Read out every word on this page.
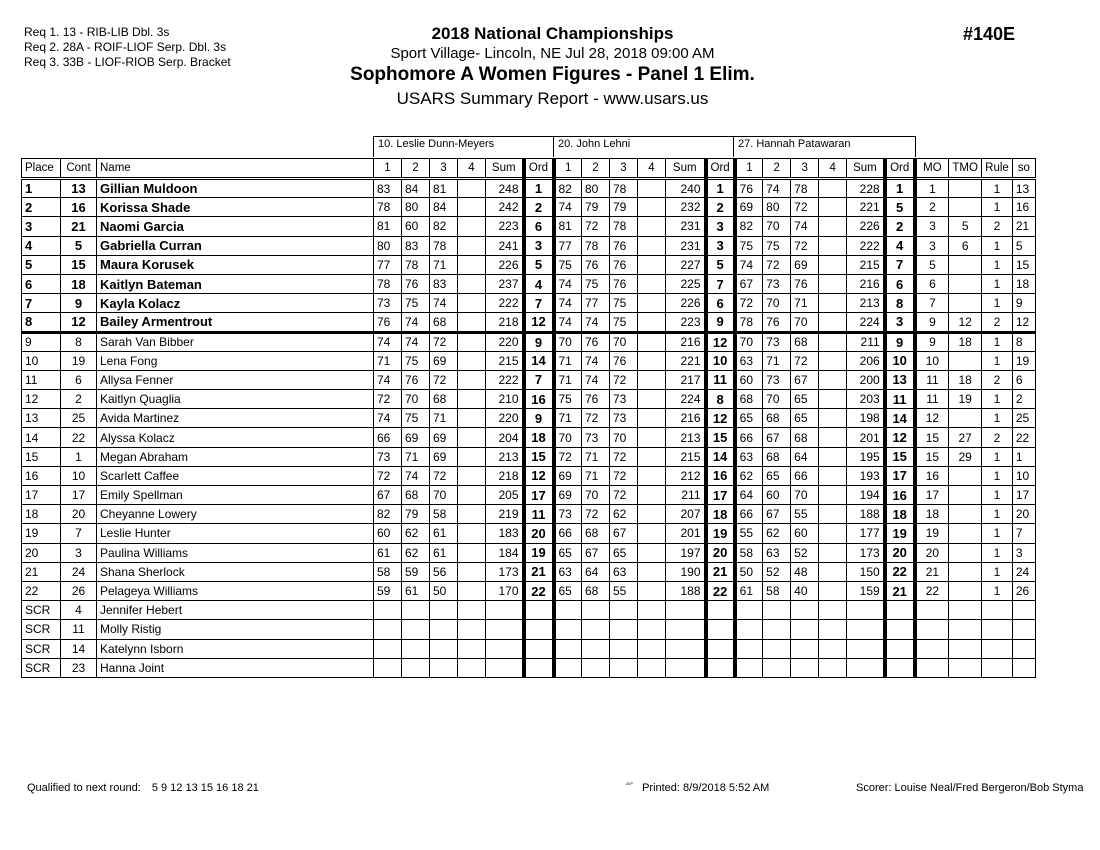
Req 1. 13 - RIB-LIB Dbl. 3s
Req 2. 28A - ROIF-LIOF Serp. Dbl. 3s
Req 3. 33B - LIOF-RIOB Serp. Bracket
2018 National Championships
Sport Village- Lincoln, NE Jul 28, 2018 09:00 AM
Sophomore A Women Figures - Panel 1 Elim.
USARS Summary Report - www.usars.us
#140E
10. Leslie Dunn-Meyers	20. John Lehni	27. Hannah Patawaran
Place	Cont	Name	1	2	3	4	Sum	Ord	1	2	3	4	Sum	Ord	1	2	3	4	Sum	Ord	MO	TMO	Rule	so
1	13	Gillian Muldoon	83	84	81		248	1	82	80	78		240	1	76	74	78		228	1	1		1	13
2	16	Korissa Shade	78	80	84		242	2	74	79	79		232	2	69	80	72		221	5	2		1	16
3	21	Naomi Garcia	81	60	82		223	6	81	72	78		231	3	82	70	74		226	2	3	5	2	21
4	5	Gabriella Curran	80	83	78		241	3	77	78	76		231	3	75	75	72		222	4	3	6	1	5
5	15	Maura Korusek	77	78	71		226	5	75	76	76		227	5	74	72	69		215	7	5		1	15
6	18	Kaitlyn Bateman	78	76	83		237	4	74	75	76		225	7	67	73	76		216	6	6		1	18
7	9	Kayla Kolacz	73	75	74		222	7	74	77	75		226	6	72	70	71		213	8	7		1	9
8	12	Bailey Armentrout	76	74	68		218	12	74	74	75		223	9	78	76	70		224	3	9	12	2	12
9	8	Sarah Van Bibber	74	74	72		220	9	70	76	70		216	12	70	73	68		211	9	9	18	1	8
10	19	Lena Fong	71	75	69		215	14	71	74	76		221	10	63	71	72		206	10	10		1	19
11	6	Allysa Fenner	74	76	72		222	7	71	74	72		217	11	60	73	67		200	13	11	18	2	6
12	2	Kaitlyn Quaglia	72	70	68		210	16	75	76	73		224	8	68	70	65		203	11	11	19	1	2
13	25	Avida Martinez	74	75	71		220	9	71	72	73		216	12	65	68	65		198	14	12		1	25
14	22	Alyssa Kolacz	66	69	69		204	18	70	73	70		213	15	66	67	68		201	12	15	27	2	22
15	1	Megan Abraham	73	71	69		213	15	72	71	72		215	14	63	68	64		195	15	15	29	1	1
16	10	Scarlett Caffee	72	74	72		218	12	69	71	72		212	16	62	65	66		193	17	16		1	10
17	17	Emily Spellman	67	68	70		205	17	69	70	72		211	17	64	60	70		194	16	17		1	17
18	20	Cheyanne Lowery	82	79	58		219	11	73	72	62		207	18	66	67	55		188	18	18		1	20
19	7	Leslie Hunter	60	62	61		183	20	66	68	67		201	19	55	62	60		177	19	19		1	7
20	3	Paulina Williams	61	62	61		184	19	65	67	65		197	20	58	63	52		173	20	20		1	3
21	24	Shana Sherlock	58	59	56		173	21	63	64	63		190	21	50	52	48		150	22	21		1	24
22	26	Pelageya Williams	59	61	50		170	22	65	68	55		188	22	61	58	40		159	21	22		1	26
SCR	4	Jennifer Hebert																						
SCR	11	Molly Ristig																						
SCR	14	Katelynn Isborn																						
SCR	23	Hanna Joint																						
Qualified to next round: 5 9 12 13 15 16 18 21	$^{^{232}^\circ}$ Printed: 8/9/2018 5:52 AM	Scorer: Louise Neal/Fred Bergeron/Bob Styma
